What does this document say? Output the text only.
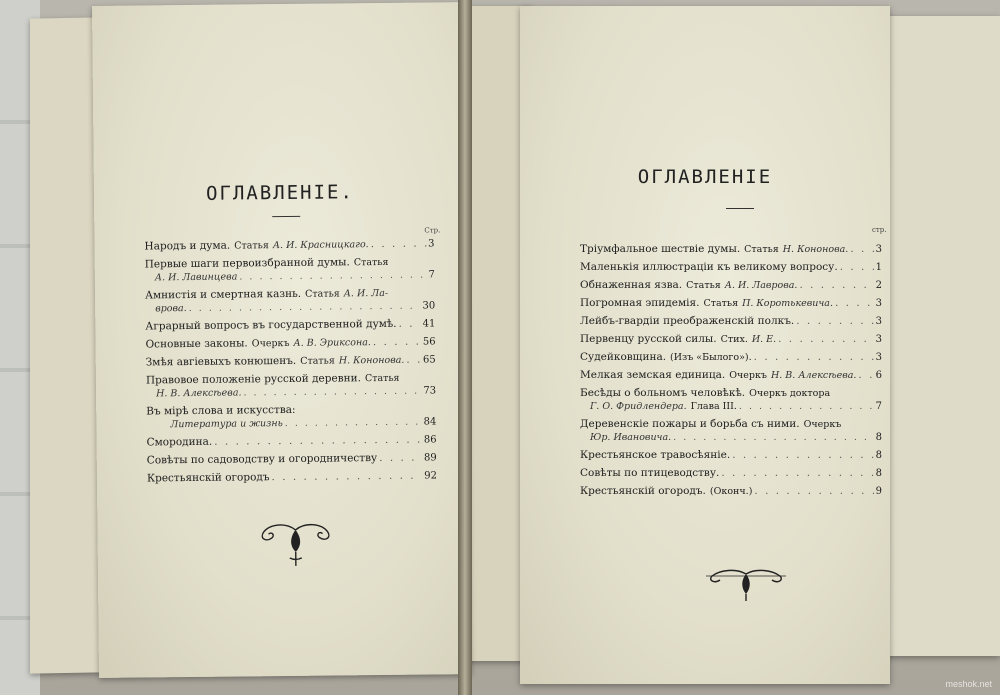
ОГЛАВЛЕНІЕ.
Стр.
Народъ и дума. Статья А. И. Красницкаго. . . .	3
Первые шаги первоизбранной думы. Статья
А. И. Лавинцева . . .	7
Амнистія и смертная казнь. Статья А. И. Ла-
врова. . . .	30
Аграрный вопросъ въ государственной думѣ. . . .	41
Основные законы. Очеркъ А. В. Эриксона. . . .	56
Змѣя авгіевыхъ конюшенъ. Статья Н. Кононова. . . . 65
Правовое положеніе русской деревни. Статья
Н. В. Алексѣева. . . .	73
Въ мірѣ слова и искусства:
Литература и жизнь . . .	84
Смородина. . . .	86
Совѣты по садоводству и огородничеству . . .	89
Крестьянскій огородъ . . .	92
ОГЛАВЛЕНІЕ
стр.
Тріумфальное шествіе думы. Статья Н. Кононова. . . .	3
Маленькія иллюстраціи къ великому вопросу. . . .	1
Обнаженная язва. Статья А. И. Лаврова. . . .	2
Погромная эпидемія. Статья П. Коротькевича. . . .	3
Лейбъ-гвардіи преображенскій полкъ. . . .	3
Первенцу русской силы. Стих. И. Е. . . .	3
Судейковщина. (Изъ «Былого»). . . .	3
Мелкая земская единица. Очеркъ Н. В. Алексѣева. . . . 6
Бесѣды о больномъ человѣкѣ. Очеркъ доктора
Г. О. Фридлендера. Глава III. . . .	7
Деревенскіе пожары и борьба съ ними. Очеркъ
Юр. Ивановича. . . .	8
Крестьянское травосѣяніе. . . .	8
Совѣты по птицеводству. . . .	8
Крестьянскій огородъ. (Оконч.) . . .	9
meshok.net
